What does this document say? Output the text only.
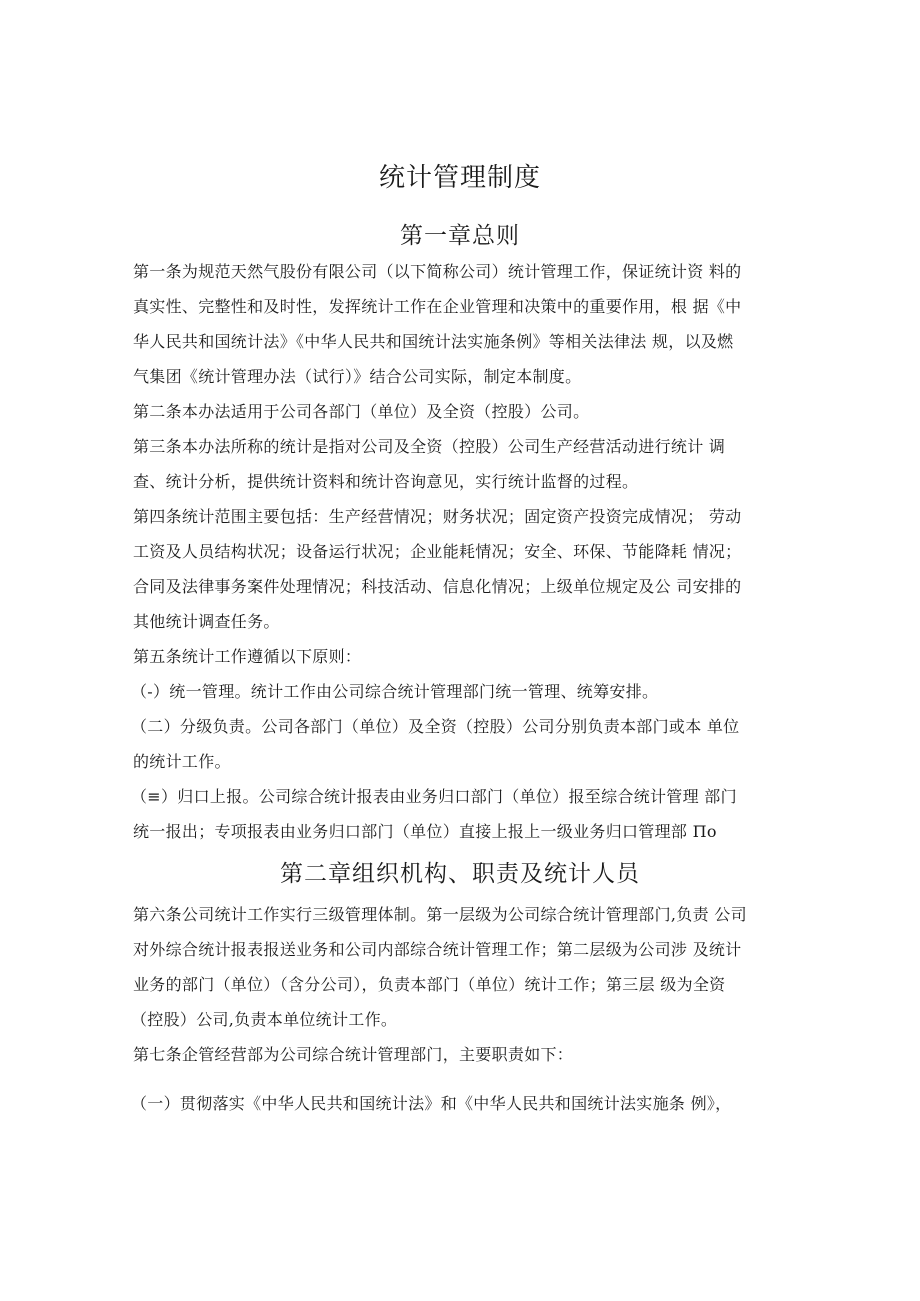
统计管理制度
第一章总则
第一条为规范天然气股份有限公司（以下简称公司）统计管理工作，保证统计资 料的
真实性、完整性和及时性，发挥统计工作在企业管理和决策中的重要作用，根 据《中
华人民共和国统计法》《中华人民共和国统计法实施条例》等相关法律法 规，以及燃
气集团《统计管理办法（试行）》结合公司实际，制定本制度。
第二条本办法适用于公司各部门（单位）及全资（控股）公司。
第三条本办法所称的统计是指对公司及全资（控股）公司生产经营活动进行统计 调
查、统计分析，提供统计资料和统计咨询意见，实行统计监督的过程。
第四条统计范围主要包括：生产经营情况；财务状况；固定资产投资完成情况； 劳动
工资及人员结构状况；设备运行状况；企业能耗情况；安全、环保、节能降耗 情况；
合同及法律事务案件处理情况；科技活动、信息化情况；上级单位规定及公 司安排的
其他统计调查任务。
第五条统计工作遵循以下原则：
（-）统一管理。统计工作由公司综合统计管理部门统一管理、统筹安排。
（二）分级负责。公司各部门（单位）及全资（控股）公司分别负责本部门或本 单位
的统计工作。
（≡）归口上报。公司综合统计报表由业务归口部门（单位）报至综合统计管理 部门
统一报出；专项报表由业务归口部门（单位）直接上报上一级业务归口管理部 Πo
第二章组织机构、职责及统计人员
第六条公司统计工作实行三级管理体制。第一层级为公司综合统计管理部门,负责 公司
对外综合统计报表报送业务和公司内部综合统计管理工作；第二层级为公司涉 及统计
业务的部门（单位）（含分公司），负责本部门（单位）统计工作；第三层 级为全资
（控股）公司,负责本单位统计工作。
第七条企管经营部为公司综合统计管理部门，主要职责如下：
（一）贯彻落实《中华人民共和国统计法》和《中华人民共和国统计法实施条 例》，
